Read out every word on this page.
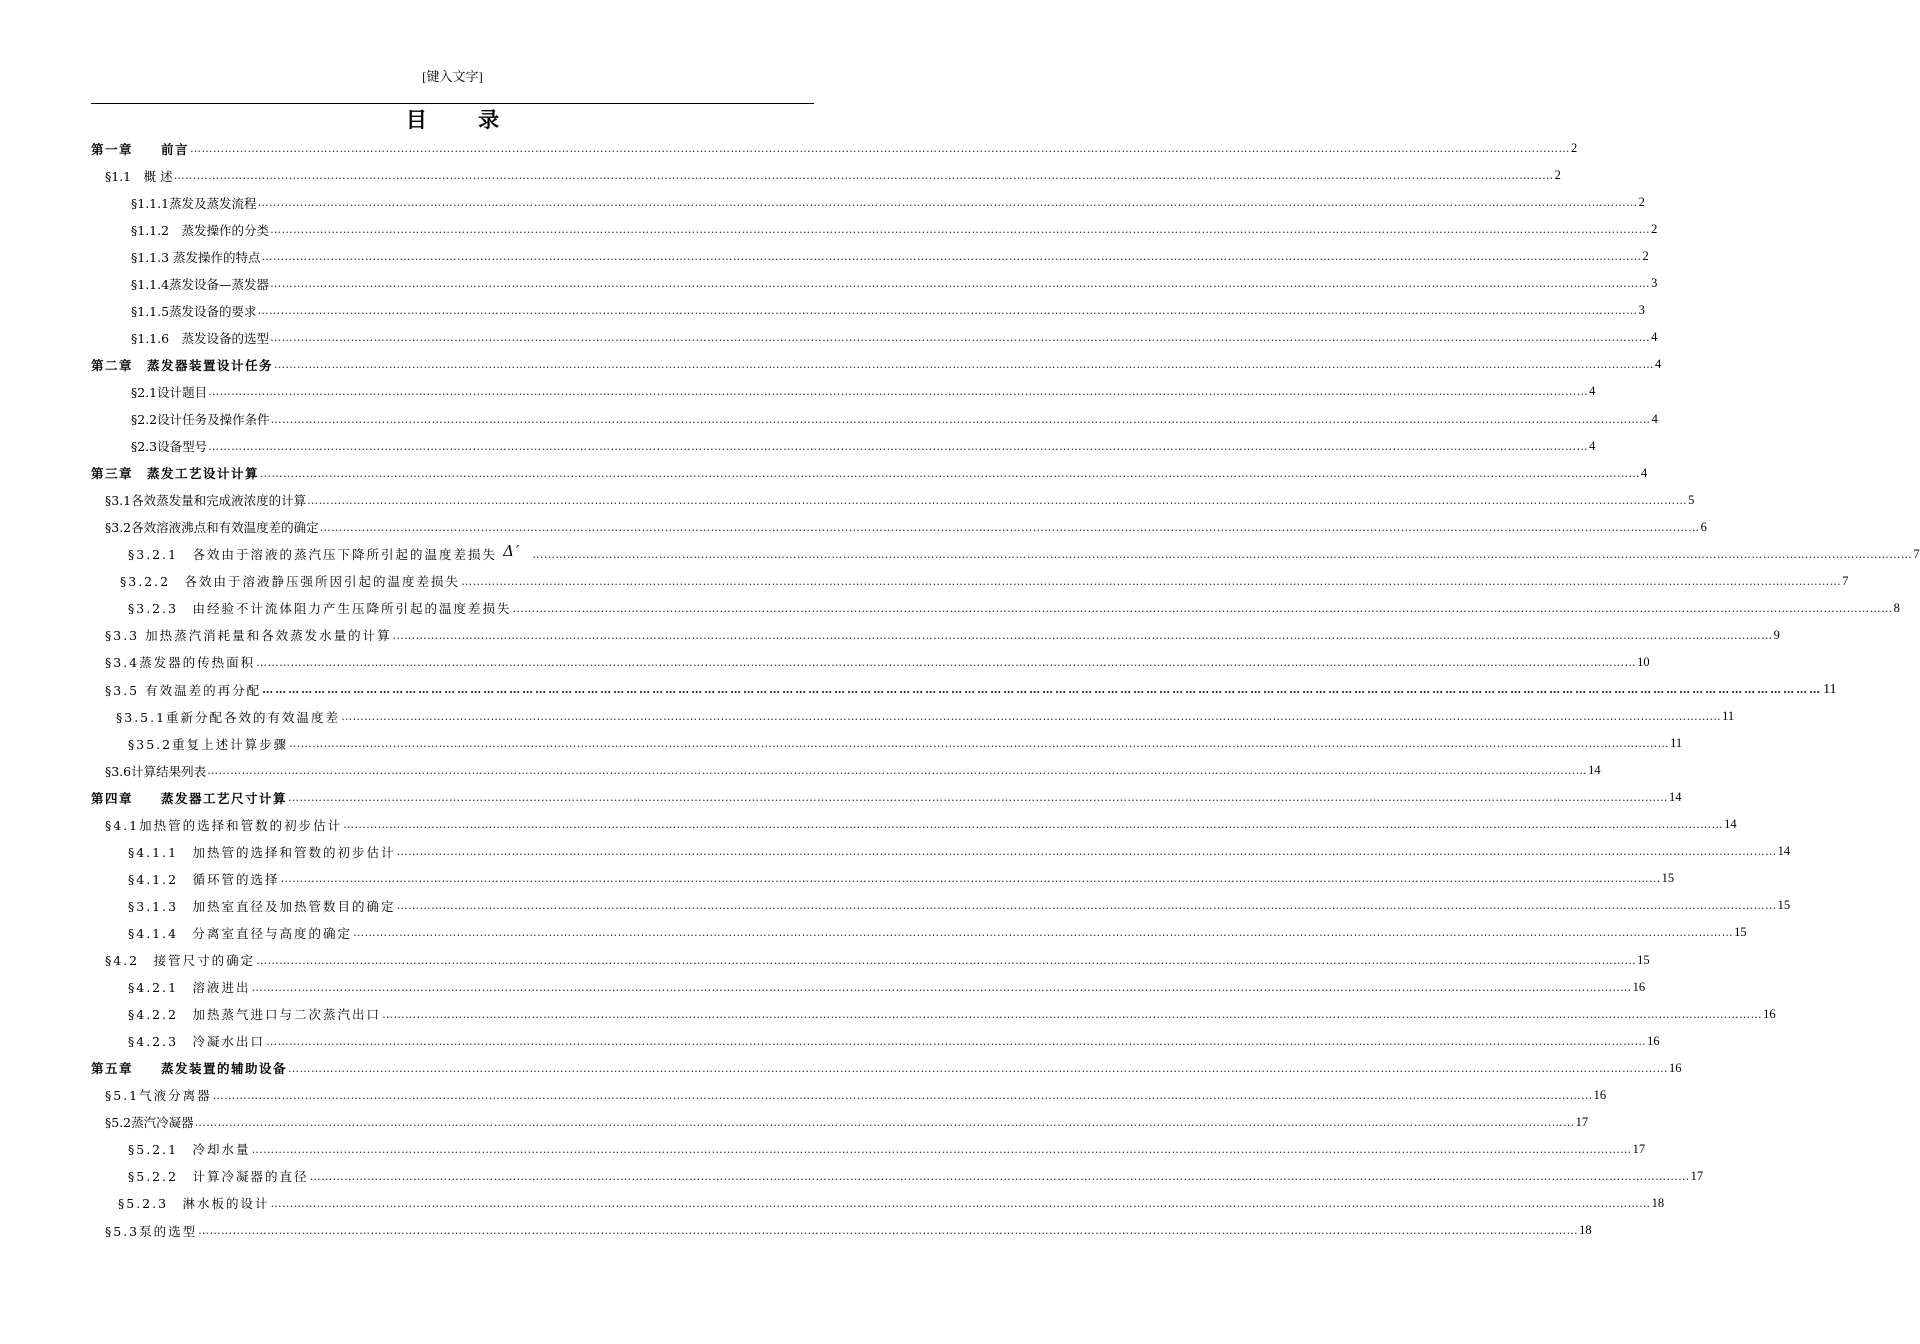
[键入文字]
目 录
第一章　　前言 ……………………………………………………………………………………………………………………………………………………………………………………………………………………………………………………………………………………………………………………………… 2
§1.1　概 述 ……………………………………………………………………………………………………………………………………………………………………………………………………………………………………………………………………………………………………………………………… 2
§1.1.1蒸发及蒸发流程 ……………………………………………………………………………………………………………………………………………………………………………………………………………………………………………………………………………………………………………………………… 2
§1.1.2　蒸发操作的分类 ……………………………………………………………………………………………………………………………………………………………………………………………………………………………………………………………………………………………………………………………… 2
§1.1.3 蒸发操作的特点 ……………………………………………………………………………………………………………………………………………………………………………………………………………………………………………………………………………………………………………………………… 2
§1.1.4蒸发设备—蒸发器 ……………………………………………………………………………………………………………………………………………………………………………………………………………………………………………………………………………………………………………………………… 3
§1.1.5蒸发设备的要求 ……………………………………………………………………………………………………………………………………………………………………………………………………………………………………………………………………………………………………………………………… 3
§1.1.6　蒸发设备的选型 ……………………………………………………………………………………………………………………………………………………………………………………………………………………………………………………………………………………………………………………………… 4
第二章　蒸发器装置设计任务 ……………………………………………………………………………………………………………………………………………………………………………………………………………………………………………………………………………………………………………………………… 4
§2.1设计题目 ……………………………………………………………………………………………………………………………………………………………………………………………………………………………………………………………………………………………………………………………… 4
§2.2设计任务及操作条件 ……………………………………………………………………………………………………………………………………………………………………………………………………………………………………………………………………………………………………………………………… 4
§2.3设备型号 ……………………………………………………………………………………………………………………………………………………………………………………………………………………………………………………………………………………………………………………………… 4
第三章　蒸发工艺设计计算 ……………………………………………………………………………………………………………………………………………………………………………………………………………………………………………………………………………………………………………………………… 4
§3.1各效蒸发量和完成液浓度的计算 ……………………………………………………………………………………………………………………………………………………………………………………………………………………………………………………………………………………………………………………………… 5
§3.2各效溶液沸点和有效温度差的确定 ……………………………………………………………………………………………………………………………………………………………………………………………………………………………………………………………………………………………………………………………… 6
§3.2.1　各效由于溶液的蒸汽压下降所引起的温度差损失 Δ′ ……………………………………………………………………………………………………………………………………………………………………………………………………………………………………………………………………………………………………………………………… 7
§3.2.2　各效由于溶液静压强所因引起的温度差损失 ……………………………………………………………………………………………………………………………………………………………………………………………………………………………………………………………………………………………………………………………… 7
§3.2.3　由经验不计流体阻力产生压降所引起的温度差损失 ……………………………………………………………………………………………………………………………………………………………………………………………………………………………………………………………………………………………………………………………… 8
§3.3 加热蒸汽消耗量和各效蒸发水量的计算 ……………………………………………………………………………………………………………………………………………………………………………………………………………………………………………………………………………………………………………………………… 9
§3.4蒸发器的传热面积 ……………………………………………………………………………………………………………………………………………………………………………………………………………………………………………………………………………………………………………………………… 10
§3.5 有效温差的再分配 ……………………………………………………………………………………………………………………………………………………………………………………………………………………………………………………………………………………………………………………………… 11
§3.5.1重新分配各效的有效温度差 ……………………………………………………………………………………………………………………………………………………………………………………………………………………………………………………………………………………………………………………………… 11
§35.2重复上述计算步骤 ……………………………………………………………………………………………………………………………………………………………………………………………………………………………………………………………………………………………………………………………… 11
§3.6计算结果列表 ……………………………………………………………………………………………………………………………………………………………………………………………………………………………………………………………………………………………………………………………… 14
第四章　　蒸发器工艺尺寸计算 ……………………………………………………………………………………………………………………………………………………………………………………………………………………………………………………………………………………………………………………………… 14
§4.1加热管的选择和管数的初步估计 ……………………………………………………………………………………………………………………………………………………………………………………………………………………………………………………………………………………………………………………………… 14
§4.1.1　加热管的选择和管数的初步估计 ……………………………………………………………………………………………………………………………………………………………………………………………………………………………………………………………………………………………………………………………… 14
§4.1.2　循环管的选择 ……………………………………………………………………………………………………………………………………………………………………………………………………………………………………………………………………………………………………………………………… 15
§3.1.3　加热室直径及加热管数目的确定 ……………………………………………………………………………………………………………………………………………………………………………………………………………………………………………………………………………………………………………………………… 15
§4.1.4　分离室直径与高度的确定 ……………………………………………………………………………………………………………………………………………………………………………………………………………………………………………………………………………………………………………………………… 15
§4.2　接管尺寸的确定 ……………………………………………………………………………………………………………………………………………………………………………………………………………………………………………………………………………………………………………………………… 15
§4.2.1　溶液进出 ……………………………………………………………………………………………………………………………………………………………………………………………………………………………………………………………………………………………………………………………… 16
§4.2.2　加热蒸气进口与二次蒸汽出口 ……………………………………………………………………………………………………………………………………………………………………………………………………………………………………………………………………………………………………………………………… 16
§4.2.3　冷凝水出口 ……………………………………………………………………………………………………………………………………………………………………………………………………………………………………………………………………………………………………………………………… 16
第五章　　蒸发装置的辅助设备 ……………………………………………………………………………………………………………………………………………………………………………………………………………………………………………………………………………………………………………………………… 16
§5.1气液分离器 ……………………………………………………………………………………………………………………………………………………………………………………………………………………………………………………………………………………………………………………………… 16
§5.2蒸汽冷凝器 ……………………………………………………………………………………………………………………………………………………………………………………………………………………………………………………………………………………………………………………………… 17
§5.2.1　冷却水量 ……………………………………………………………………………………………………………………………………………………………………………………………………………………………………………………………………………………………………………………………… 17
§5.2.2　计算冷凝器的直径 ……………………………………………………………………………………………………………………………………………………………………………………………………………………………………………………………………………………………………………………………… 17
§5.2.3　淋水板的设计 ……………………………………………………………………………………………………………………………………………………………………………………………………………………………………………………………………………………………………………………………… 18
§5.3泵的选型 ……………………………………………………………………………………………………………………………………………………………………………………………………………………………………………………………………………………………………………………………… 18
